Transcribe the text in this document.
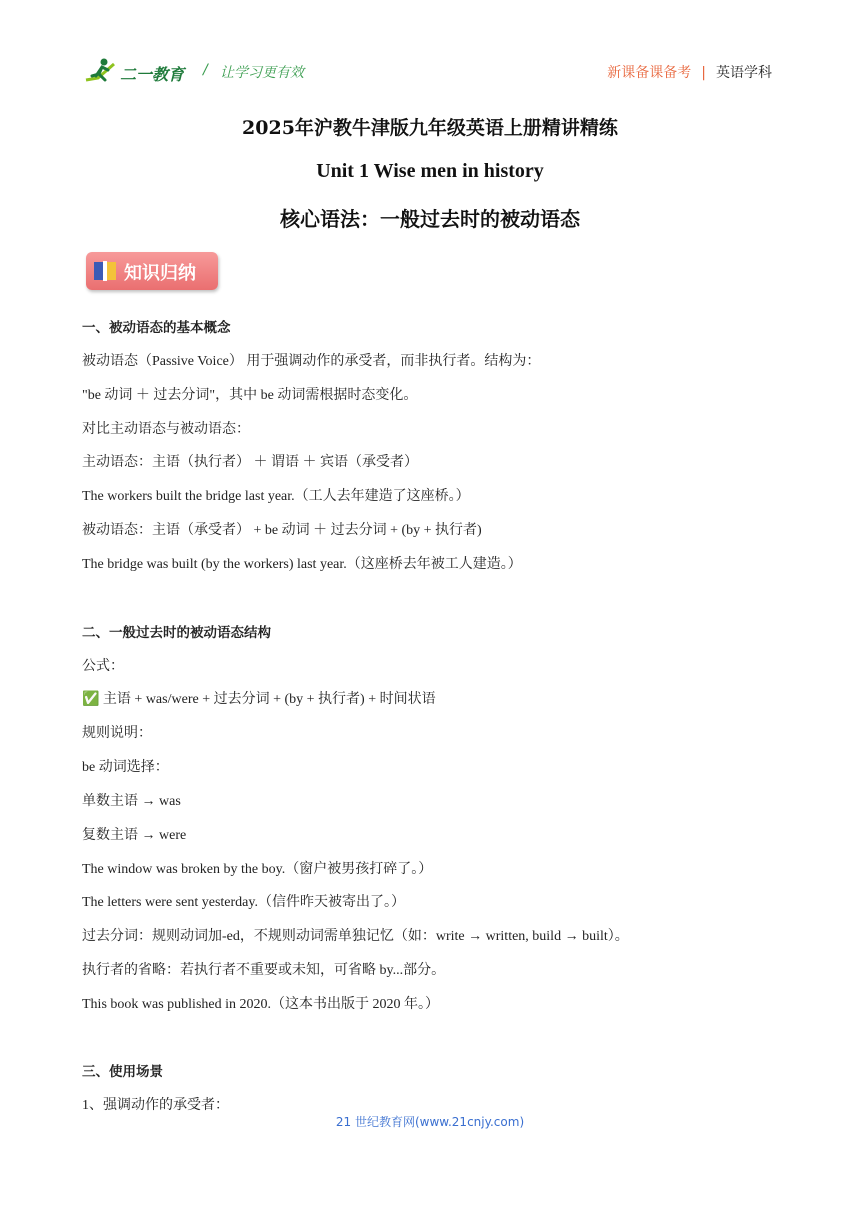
二一教育 / 让学习更有效	新课备课备考 | 英语学科
2025年沪教牛津版九年级英语上册精讲精练
Unit 1 Wise men in history
核心语法：一般过去时的被动语态
知识归纳
一、被动语态的基本概念
被动语态（Passive Voice） 用于强调动作的承受者，而非执行者。结构为：
"be 动词 ＋ 过去分词"，其中 be 动词需根据时态变化。
对比主动语态与被动语态：
主动语态：主语（执行者） ＋ 谓语 ＋ 宾语（承受者）
The workers built the bridge last year.（工人去年建造了这座桥。）
被动语态：主语（承受者） + be 动词 ＋ 过去分词 + (by + 执行者)
The bridge was built (by the workers) last year.（这座桥去年被工人建造。）
二、一般过去时的被动语态结构
公式：
✅ 主语 + was/were + 过去分词 + (by + 执行者) + 时间状语
规则说明：
be 动词选择：
单数主语 → was
复数主语 → were
The window was broken by the boy.（窗户被男孩打碎了。）
The letters were sent yesterday.（信件昨天被寄出了。）
过去分词：规则动词加-ed，不规则动词需单独记忆（如：write → written, build → built）。
执行者的省略：若执行者不重要或未知，可省略 by...部分。
This book was published in 2020.（这本书出版于 2020 年。）
三、使用场景
1、强调动作的承受者：
21 世纪教育网(www.21cnjy.com)
